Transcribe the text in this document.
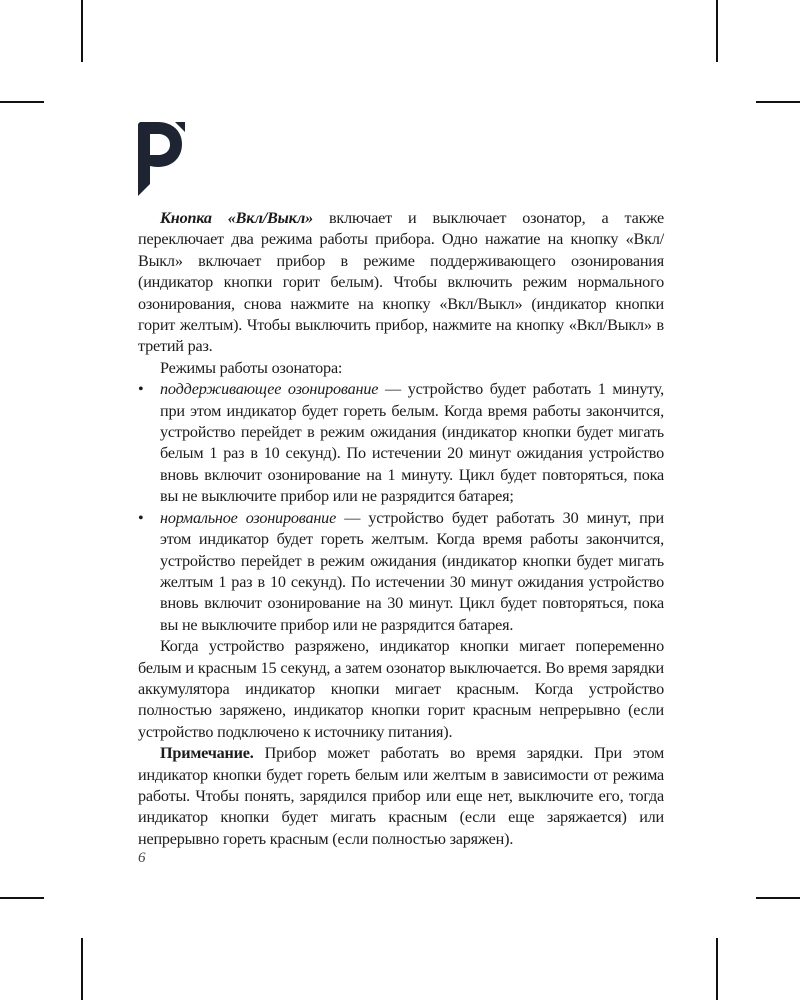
Кнопка «Вкл/Выкл» включает и выключает озонатор, а также переключает два режима работы прибора. Одно нажатие на кнопку «Вкл/Выкл» включает прибор в режиме поддерживающего озонирования (индикатор кнопки горит белым). Чтобы включить режим нормального озонирования, снова нажмите на кнопку «Вкл/Выкл» (индикатор кнопки горит желтым). Чтобы выключить прибор, нажмите на кнопку «Вкл/Выкл» в третий раз.

Режимы работы озонатора:

• поддерживающее озонирование — устройство будет работать 1 минуту, при этом индикатор будет гореть белым. Когда время работы закончится, устройство перейдет в режим ожидания (индикатор кнопки будет мигать белым 1 раз в 10 секунд). По истечении 20 минут ожидания устройство вновь включит озонирование на 1 минуту. Цикл будет повторяться, пока вы не выключите прибор или не разрядится батарея;
• нормальное озонирование — устройство будет работать 30 минут, при этом индикатор будет гореть желтым. Когда время работы закончится, устройство перейдет в режим ожидания (индикатор кнопки будет мигать желтым 1 раз в 10 секунд). По истечении 30 минут ожидания устройство вновь включит озонирование на 30 минут. Цикл будет повторяться, пока вы не выключите прибор или не разрядится батарея.

Когда устройство разряжено, индикатор кнопки мигает попеременно белым и красным 15 секунд, а затем озонатор выключается. Во время зарядки аккумулятора индикатор кнопки мигает красным. Когда устройство полностью заряжено, индикатор кнопки горит красным непрерывно (если устройство подключено к источнику питания).

Примечание. Прибор может работать во время зарядки. При этом индикатор кнопки будет гореть белым или желтым в зависимости от режима работы. Чтобы понять, зарядился прибор или еще нет, выключите его, тогда индикатор кнопки будет мигать красным (если еще заряжается) или непрерывно гореть красным (если полностью заряжен).

6
